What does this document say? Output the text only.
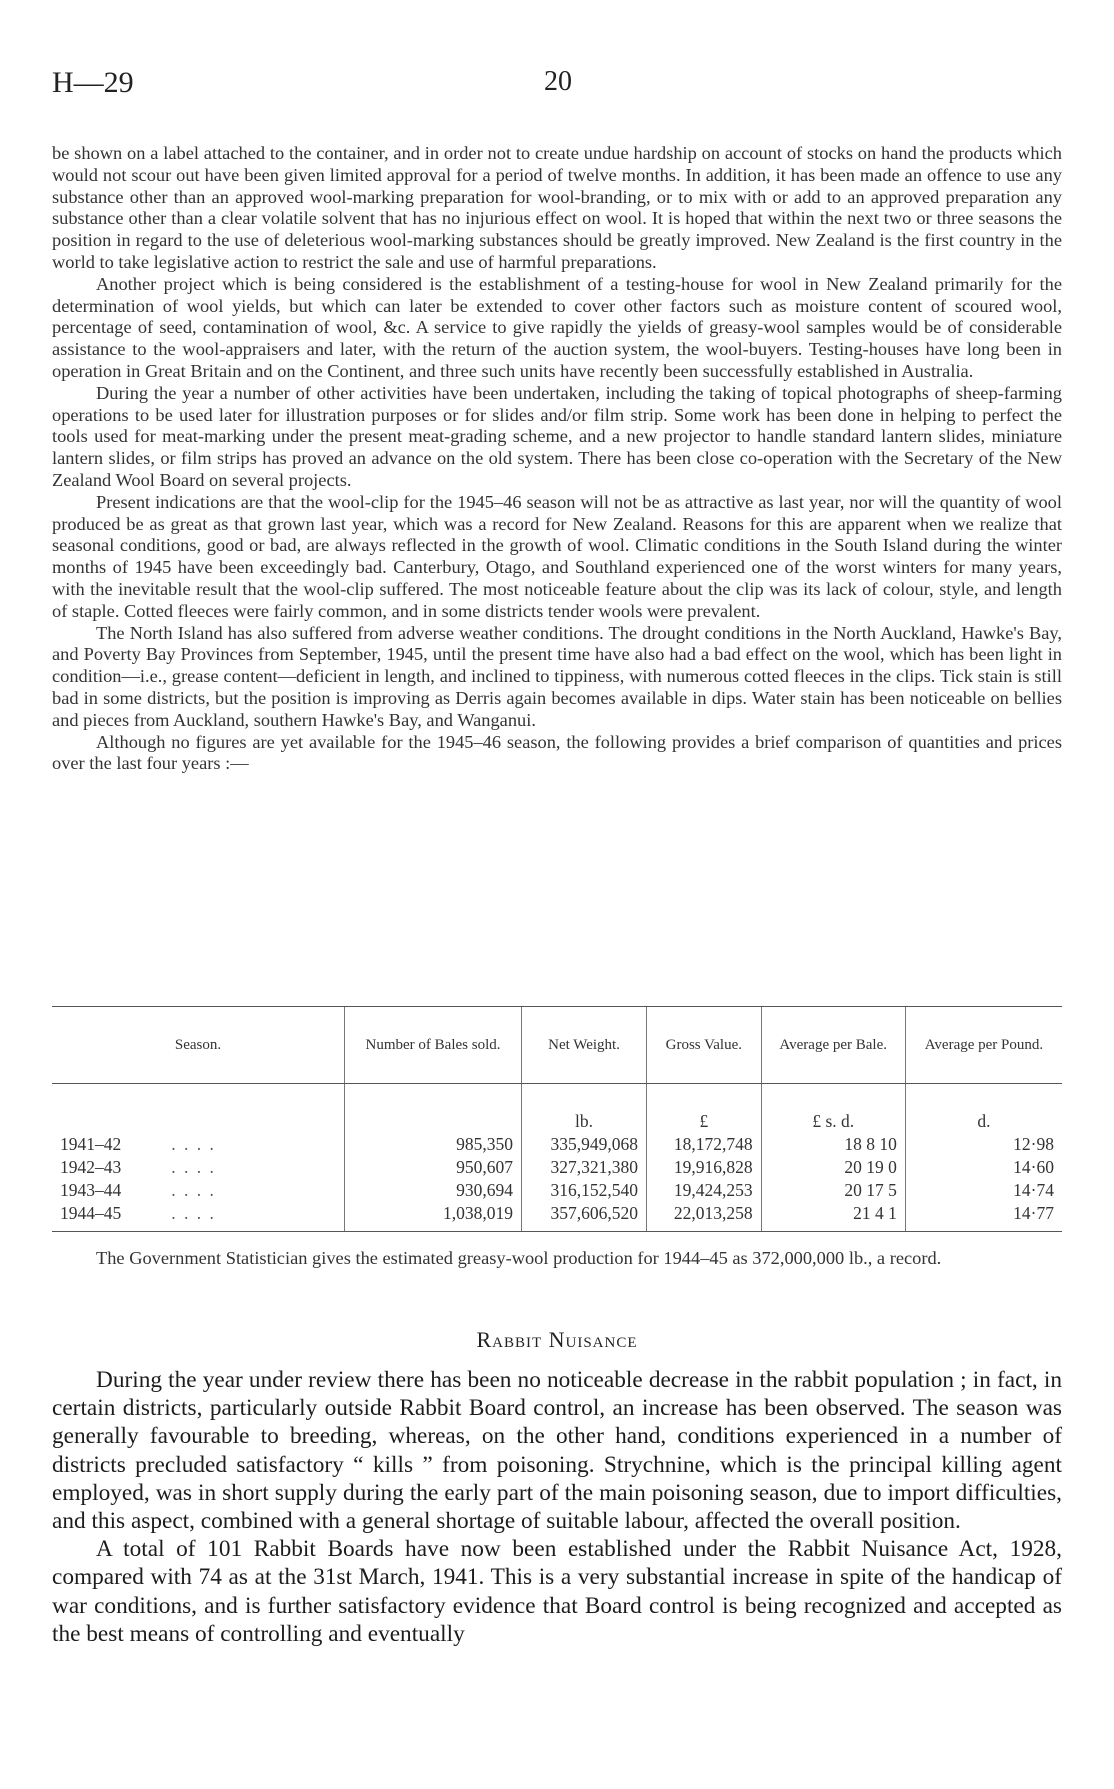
H—29	20

be shown on a label attached to the container, and in order not to create undue hardship on account of stocks on hand the products which would not scour out have been given limited approval for a period of twelve months. In addition, it has been made an offence to use any substance other than an approved wool-marking preparation for wool-branding, or to mix with or add to an approved preparation any substance other than a clear volatile solvent that has no injurious effect on wool. It is hoped that within the next two or three seasons the position in regard to the use of deleterious wool-marking substances should be greatly improved. New Zealand is the first country in the world to take legislative action to restrict the sale and use of harmful preparations.

Another project which is being considered is the establishment of a testing-house for wool in New Zealand primarily for the determination of wool yields, but which can later be extended to cover other factors such as moisture content of scoured wool, percentage of seed, contamination of wool, &c. A service to give rapidly the yields of greasy-wool samples would be of considerable assistance to the wool-appraisers and later, with the return of the auction system, the wool-buyers. Testing-houses have long been in operation in Great Britain and on the Continent, and three such units have recently been successfully established in Australia.

During the year a number of other activities have been undertaken, including the taking of topical photographs of sheep-farming operations to be used later for illustration purposes or for slides and/or film strip. Some work has been done in helping to perfect the tools used for meat-marking under the present meat-grading scheme, and a new projector to handle standard lantern slides, miniature lantern slides, or film strips has proved an advance on the old system. There has been close co-operation with the Secretary of the New Zealand Wool Board on several projects.

Present indications are that the wool-clip for the 1945–46 season will not be as attractive as last year, nor will the quantity of wool produced be as great as that grown last year, which was a record for New Zealand. Reasons for this are apparent when we realize that seasonal conditions, good or bad, are always reflected in the growth of wool. Climatic conditions in the South Island during the winter months of 1945 have been exceedingly bad. Canterbury, Otago, and Southland experienced one of the worst winters for many years, with the inevitable result that the wool-clip suffered. The most noticeable feature about the clip was its lack of colour, style, and length of staple. Cotted fleeces were fairly common, and in some districts tender wools were prevalent.

The North Island has also suffered from adverse weather conditions. The drought conditions in the North Auckland, Hawke's Bay, and Poverty Bay Provinces from September, 1945, until the present time have also had a bad effect on the wool, which has been light in condition—i.e., grease content—deficient in length, and inclined to tippiness, with numerous cotted fleeces in the clips. Tick stain is still bad in some districts, but the position is improving as Derris again becomes available in dips. Water stain has been noticeable on bellies and pieces from Auckland, southern Hawke's Bay, and Wanganui.

Although no figures are yet available for the 1945–46 season, the following provides a brief comparison of quantities and prices over the last four years :—

Season.	Number of Bales sold.	Net Weight.	Gross Value.	Average per Bale.	Average per Pound.
		lb.	£	£ s. d.	d.
1941–42 . . . .	985,350	335,949,068	18,172,748	18 8 10	12·98
1942–43 . . . .	950,607	327,321,380	19,916,828	20 19 0	14·60
1943–44 . . . .	930,694	316,152,540	19,424,253	20 17 5	14·74
1944–45 . . . .	1,038,019	357,606,520	22,013,258	21 4 1	14·77

The Government Statistician gives the estimated greasy-wool production for 1944–45 as 372,000,000 lb., a record.

Rabbit Nuisance

During the year under review there has been no noticeable decrease in the rabbit population ; in fact, in certain districts, particularly outside Rabbit Board control, an increase has been observed. The season was generally favourable to breeding, whereas, on the other hand, conditions experienced in a number of districts precluded satisfactory “ kills ” from poisoning. Strychnine, which is the principal killing agent employed, was in short supply during the early part of the main poisoning season, due to import difficulties, and this aspect, combined with a general shortage of suitable labour, affected the overall position.

A total of 101 Rabbit Boards have now been established under the Rabbit Nuisance Act, 1928, compared with 74 as at the 31st March, 1941. This is a very substantial increase in spite of the handicap of war conditions, and is further satisfactory evidence that Board control is being recognized and accepted as the best means of controlling and eventually
